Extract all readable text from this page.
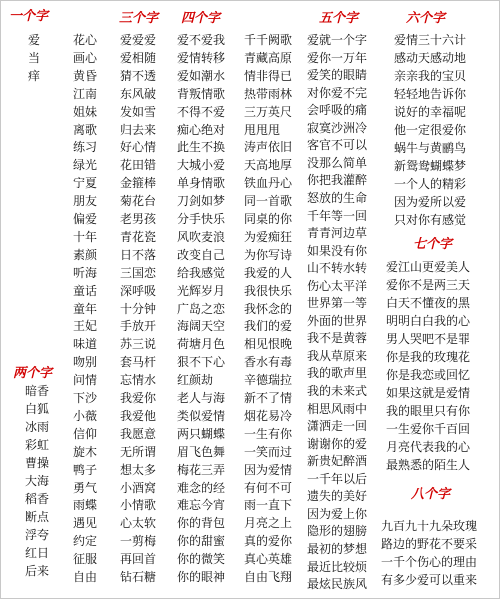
一个字	三个字 四个字	五个字	六个字
两个字
七个字
八个字
爱
当
痒
暗香
白狐
冰雨
彩虹
曹操
大海
稻香
断点
浮夸
红日
后来
花心
画心
黄昏
江南
姐妹
离歌
练习
绿光
宁夏
朋友
偏爱
十年
素颜
听海
童话
童年
王妃
味道
吻别
问情
下沙
小薇
信仰
旋木
鸭子
勇气
雨蝶
遇见
约定
征服
自由
爱爱爱
爱相随
猜不透
东风破
发如雪
归去来
好心情
花田错
金箍棒
菊花台
老男孩
青花瓷
日不落
三国恋
深呼吸
十分钟
手放开
苏三说
套马杆
忘情水
我爱你
我爱他
我愿意
无所谓
想太多
小酒窝
小情歌
心太软
一剪梅
再回首
钻石糖
爱不爱我
爱情转移
爱如潮水
背叛情歌
不得不爱
痴心绝对
此生不换
大城小爱
单身情歌
刀剑如梦
分手快乐
风吹麦浪
改变自己
给我感觉
光辉岁月
广岛之恋
海阔天空
荷塘月色
狠不下心
红颜劫
老人与海
类似爱情
两只蝴蝶
眉飞色舞
梅花三弄
难念的经
难忘今宵
你的背包
你的甜蜜
你的微笑
你的眼神
千千阙歌
青藏高原
情非得已
热带雨林
三万英尺
甩甩甩
涛声依旧
天高地厚
铁血丹心
同一首歌
同桌的你
为爱痴狂
为你写诗
我爱的人
我很快乐
我怀念的
我们的爱
相见恨晚
香水有毒
辛德瑞拉
新不了情
烟花易冷
一生有你
一笑而过
因为爱情
有何不可
雨一直下
月亮之上
真的爱你
真心英雄
自由飞翔
爱就一个字
爱你一万年
爱笑的眼睛
对你爱不完
会呼吸的痛
寂寞沙洲冷
客官不可以
没那么简单
你把我灌醉
怒放的生命
千年等一回
青青河边草
如果没有你
山不转水转
伤心太平洋
世界第一等
外面的世界
我不是黄蓉
我从草原来
我的歌声里
我的未来式
相思风雨中
潇洒走一回
谢谢你的爱
新贵妃醉酒
一千年以后
遗失的美好
因为爱上你
隐形的翅膀
最初的梦想
最近比较烦
最炫民族风
爱情三十六计
感动天感动地
亲亲我的宝贝
轻轻地告诉你
说好的幸福呢
他一定很爱你
蜗牛与黄鹂鸟
新鸳鸯蝴蝶梦
一个人的精彩
因为爱所以爱
只对你有感觉
爱江山更爱美人
爱你不是两三天
白天不懂夜的黑
明明白白我的心
男人哭吧不是罪
你是我的玫瑰花
你是我恋或回忆
如果这就是爱情
我的眼里只有你
一生爱你千百回
月亮代表我的心
最熟悉的陌生人
九百九十九朵玫瑰
路边的野花不要采
一千个伤心的理由
有多少爱可以重来
